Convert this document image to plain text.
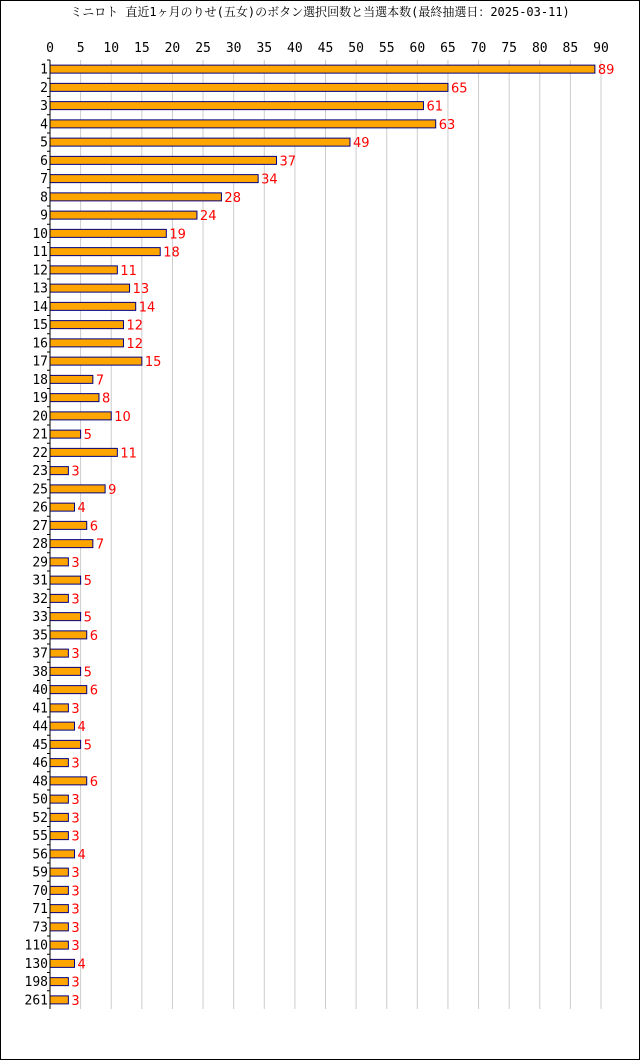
ミニロト 直近1ヶ月のりせ(五女)のボタン選択回数と当選本数(最終抽選日：2025-03-11)
0 5 10 15 20 25 30 35 40 45 50 55 60 65 70 75 80 85 90
1
2
3
4
5
6
7
8
9
10
11
12
13
14
15
16
17
18
19
20
21
22
23
25
26
27
28
29
31
32
33
35
37
38
40
41
44
45
46
48
50
52
55
56
59
70
71
73
110
130
198
261
89
65
61
63
49
37
34
28
24
19
18
11
13
14
12
12
15
7
8
10
5
11
3
9
4
6
7
3
5
3
5
6
3
5
6
3
4
5
3
6
3
3
3
4
3
3
3
3
3
4
3
3
